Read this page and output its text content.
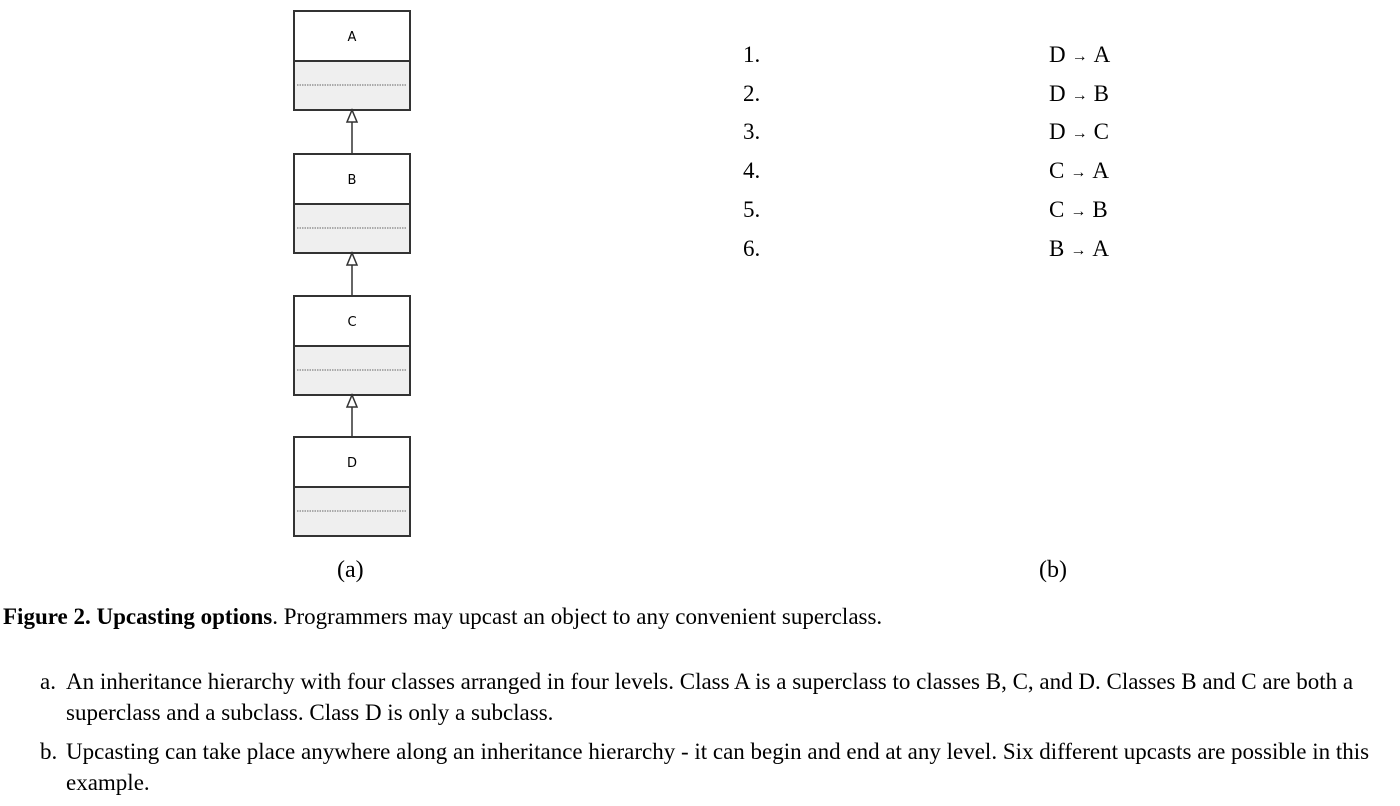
A
B
C
D
(a)
1.	D → A
2.	D → B
3.	D → C
4.	C → A
5.	C → B
6.	B → A
(b)
Figure 2. Upcasting options. Programmers may upcast an object to any convenient superclass.
a. An inheritance hierarchy with four classes arranged in four levels. Class A is a superclass to classes B, C, and D. Classes B and C are both a superclass and a subclass. Class D is only a subclass.
b. Upcasting can take place anywhere along an inheritance hierarchy - it can begin and end at any level. Six different upcasts are possible in this example.
